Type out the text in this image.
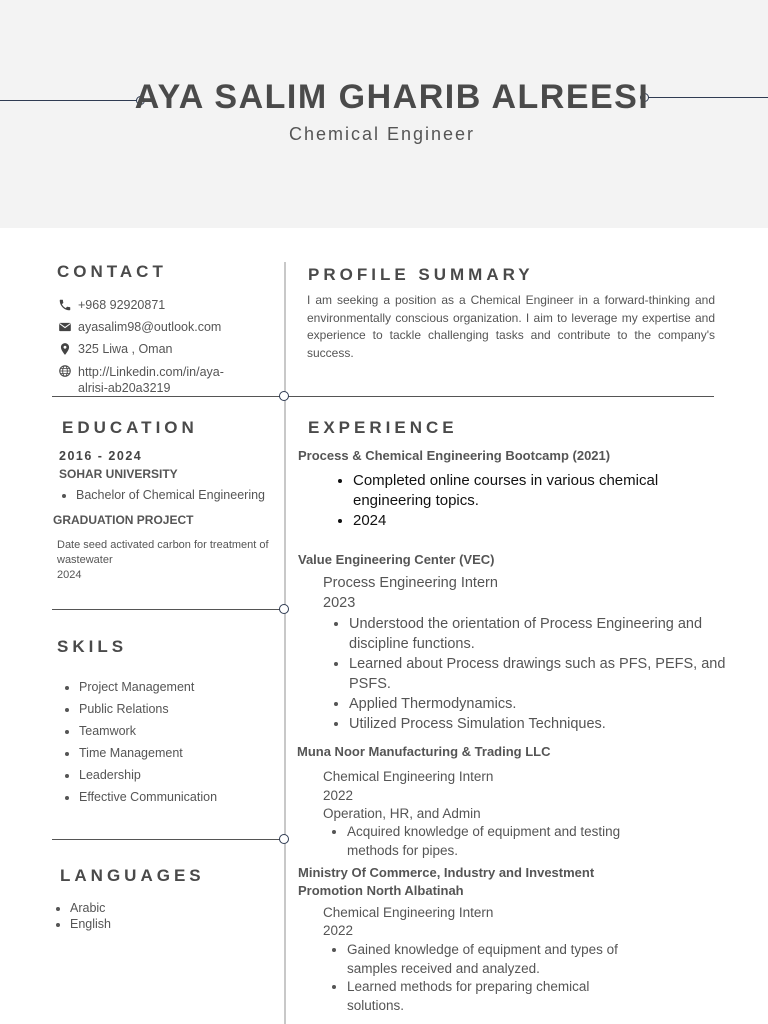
AYA SALIM GHARIB ALREESI
Chemical Engineer
CONTACT
+968 92920871
ayasalim98@outlook.com
325 Liwa , Oman
http://Linkedin.com/in/aya-
alrisi-ab20a3219
PROFILE SUMMARY
I am seeking a position as a Chemical Engineer in a forward-thinking and environmentally conscious organization. I aim to leverage my expertise and experience to tackle challenging tasks and contribute to the company's success.
EDUCATION
2016 - 2024
SOHAR UNIVERSITY
• Bachelor of Chemical Engineering
GRADUATION PROJECT
Date seed activated carbon for treatment of
wastewater
2024
SKILS
• Project Management
• Public Relations
• Teamwork
• Time Management
• Leadership
• Effective Communication
LANGUAGES
• Arabic
• English
EXPERIENCE
Process & Chemical Engineering Bootcamp (2021)
• Completed online courses in various chemical engineering topics.
• 2024
Value Engineering Center (VEC)
Process Engineering Intern
2023
• Understood the orientation of Process Engineering and discipline functions.
• Learned about Process drawings such as PFS, PEFS, and PSFS.
• Applied Thermodynamics.
• Utilized Process Simulation Techniques.
Muna Noor Manufacturing & Trading LLC
Chemical Engineering Intern
2022
Operation, HR, and Admin
• Acquired knowledge of equipment and testing methods for pipes.
Ministry Of Commerce, Industry and Investment
Promotion North Albatinah
Chemical Engineering Intern
2022
• Gained knowledge of equipment and types of samples received and analyzed.
• Learned methods for preparing chemical solutions.
